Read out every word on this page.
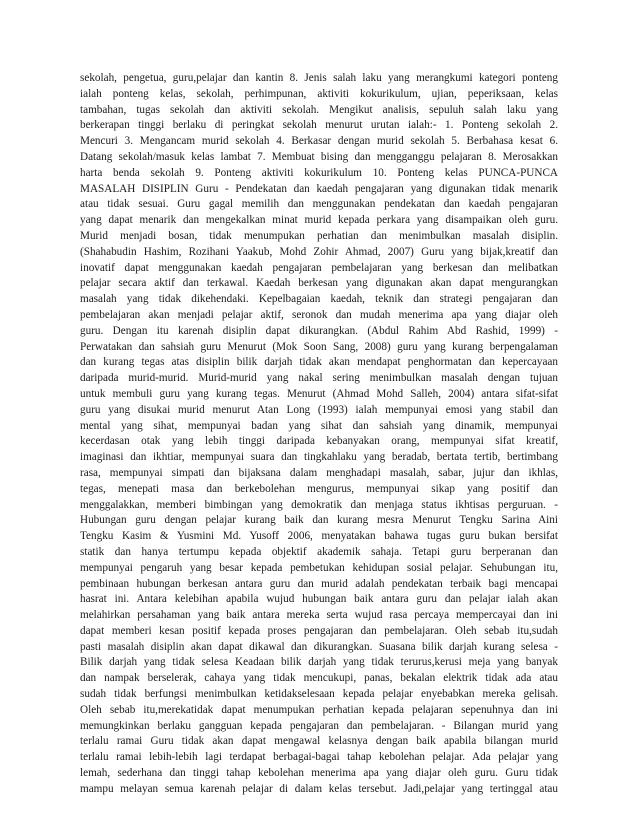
sekolah, pengetua, guru,pelajar dan kantin 8. Jenis salah laku yang merangkumi kategori ponteng
ialah ponteng kelas, sekolah, perhimpunan, aktiviti kokurikulum, ujian, peperiksaan, kelas
tambahan, tugas sekolah dan aktiviti sekolah. Mengikut analisis, sepuluh salah laku yang
berkerapan tinggi berlaku di peringkat sekolah menurut urutan ialah:- 1. Ponteng sekolah 2.
Mencuri 3. Mengancam murid sekolah 4. Berkasar dengan murid sekolah 5. Berbahasa kesat 6.
Datang sekolah/masuk kelas lambat 7. Membuat bising dan mengganggu pelajaran 8. Merosakkan
harta benda sekolah 9. Ponteng aktiviti kokurikulum 10. Ponteng kelas PUNCA-PUNCA
MASALAH DISIPLIN Guru - Pendekatan dan kaedah pengajaran yang digunakan tidak menarik
atau tidak sesuai. Guru gagal memilih dan menggunakan pendekatan dan kaedah pengajaran
yang dapat menarik dan mengekalkan minat murid kepada perkara yang disampaikan oleh guru.
Murid menjadi bosan, tidak menumpukan perhatian dan menimbulkan masalah disiplin.
(Shahabudin Hashim, Rozihani Yaakub, Mohd Zohir Ahmad, 2007) Guru yang bijak,kreatif dan
inovatif dapat menggunakan kaedah pengajaran pembelajaran yang berkesan dan melibatkan
pelajar secara aktif dan terkawal. Kaedah berkesan yang digunakan akan dapat mengurangkan
masalah yang tidak dikehendaki. Kepelbagaian kaedah, teknik dan strategi pengajaran dan
pembelajaran akan menjadi pelajar aktif, seronok dan mudah menerima apa yang diajar oleh
guru. Dengan itu karenah disiplin dapat dikurangkan. (Abdul Rahim Abd Rashid, 1999) -
Perwatakan dan sahsiah guru Menurut (Mok Soon Sang, 2008) guru yang kurang berpengalaman
dan kurang tegas atas disiplin bilik darjah tidak akan mendapat penghormatan dan kepercayaan
daripada murid-murid. Murid-murid yang nakal sering menimbulkan masalah dengan tujuan
untuk membuli guru yang kurang tegas. Menurut (Ahmad Mohd Salleh, 2004) antara sifat-sifat
guru yang disukai murid menurut Atan Long (1993) ialah mempunyai emosi yang stabil dan
mental yang sihat, mempunyai badan yang sihat dan sahsiah yang dinamik, mempunyai
kecerdasan otak yang lebih tinggi daripada kebanyakan orang, mempunyai sifat kreatif,
imaginasi dan ikhtiar, mempunyai suara dan tingkahlaku yang beradab, bertata tertib, bertimbang
rasa, mempunyai simpati dan bijaksana dalam menghadapi masalah, sabar, jujur dan ikhlas,
tegas, menepati masa dan berkebolehan mengurus, mempunyai sikap yang positif dan
menggalakkan, memberi bimbingan yang demokratik dan menjaga status ikhtisas perguruan. -
Hubungan guru dengan pelajar kurang baik dan kurang mesra Menurut Tengku Sarina Aini
Tengku Kasim & Yusmini Md. Yusoff 2006, menyatakan bahawa tugas guru bukan bersifat
statik dan hanya tertumpu kepada objektif akademik sahaja. Tetapi guru berperanan dan
mempunyai pengaruh yang besar kepada pembetukan kehidupan sosial pelajar. Sehubungan itu,
pembinaan hubungan berkesan antara guru dan murid adalah pendekatan terbaik bagi mencapai
hasrat ini. Antara kelebihan apabila wujud hubungan baik antara guru dan pelajar ialah akan
melahirkan persahaman yang baik antara mereka serta wujud rasa percaya mempercayai dan ini
dapat memberi kesan positif kepada proses pengajaran dan pembelajaran. Oleh sebab itu,sudah
pasti masalah disiplin akan dapat dikawal dan dikurangkan. Suasana bilik darjah kurang selesa -
Bilik darjah yang tidak selesa Keadaan bilik darjah yang tidak terurus,kerusi meja yang banyak
dan nampak berselerak, cahaya yang tidak mencukupi, panas, bekalan elektrik tidak ada atau
sudah tidak berfungsi menimbulkan ketidakselesaan kepada pelajar enyebabkan mereka gelisah.
Oleh sebab itu,merekatidak dapat menumpukan perhatian kepada pelajaran sepenuhnya dan ini
memungkinkan berlaku gangguan kepada pengajaran dan pembelajaran. - Bilangan murid yang
terlalu ramai Guru tidak akan dapat mengawal kelasnya dengan baik apabila bilangan murid
terlalu ramai lebih-lebih lagi terdapat berbagai-bagai tahap kebolehan pelajar. Ada pelajar yang
lemah, sederhana dan tinggi tahap kebolehan menerima apa yang diajar oleh guru. Guru tidak
mampu melayan semua karenah pelajar di dalam kelas tersebut. Jadi,pelajar yang tertinggal atau
